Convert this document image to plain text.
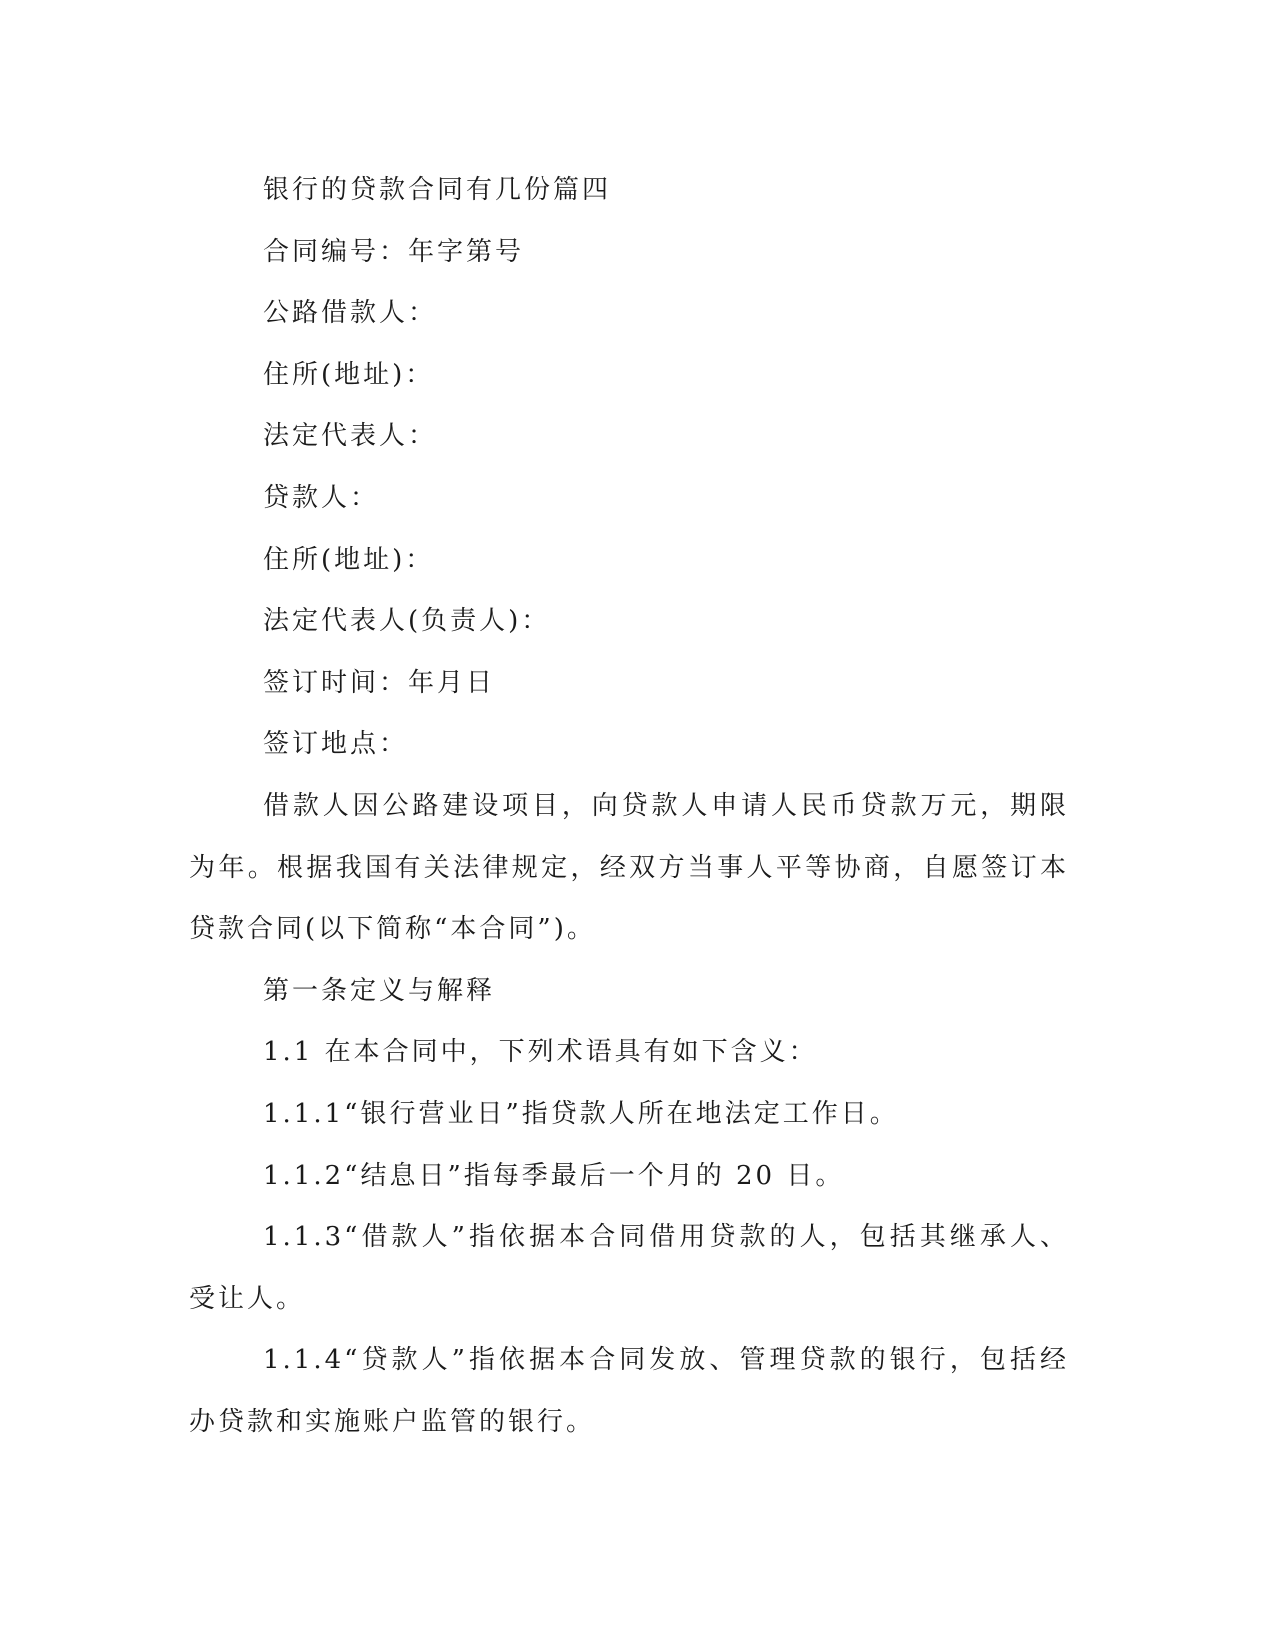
银行的贷款合同有几份篇四

合同编号：年字第号

公路借款人：

住所(地址)：

法定代表人：

贷款人：

住所(地址)：

法定代表人(负责人)：

签订时间：年月日

签订地点：

借款人因公路建设项目，向贷款人申请人民币贷款万元，期限为年。根据我国有关法律规定，经双方当事人平等协商，自愿签订本贷款合同(以下简称“本合同”)。

第一条定义与解释

1.1 在本合同中，下列术语具有如下含义：

1.1.1“银行营业日”指贷款人所在地法定工作日。

1.1.2“结息日”指每季最后一个月的 20 日。

1.1.3“借款人”指依据本合同借用贷款的人，包括其继承人、受让人。

1.1.4“贷款人”指依据本合同发放、管理贷款的银行，包括经办贷款和实施账户监管的银行。
